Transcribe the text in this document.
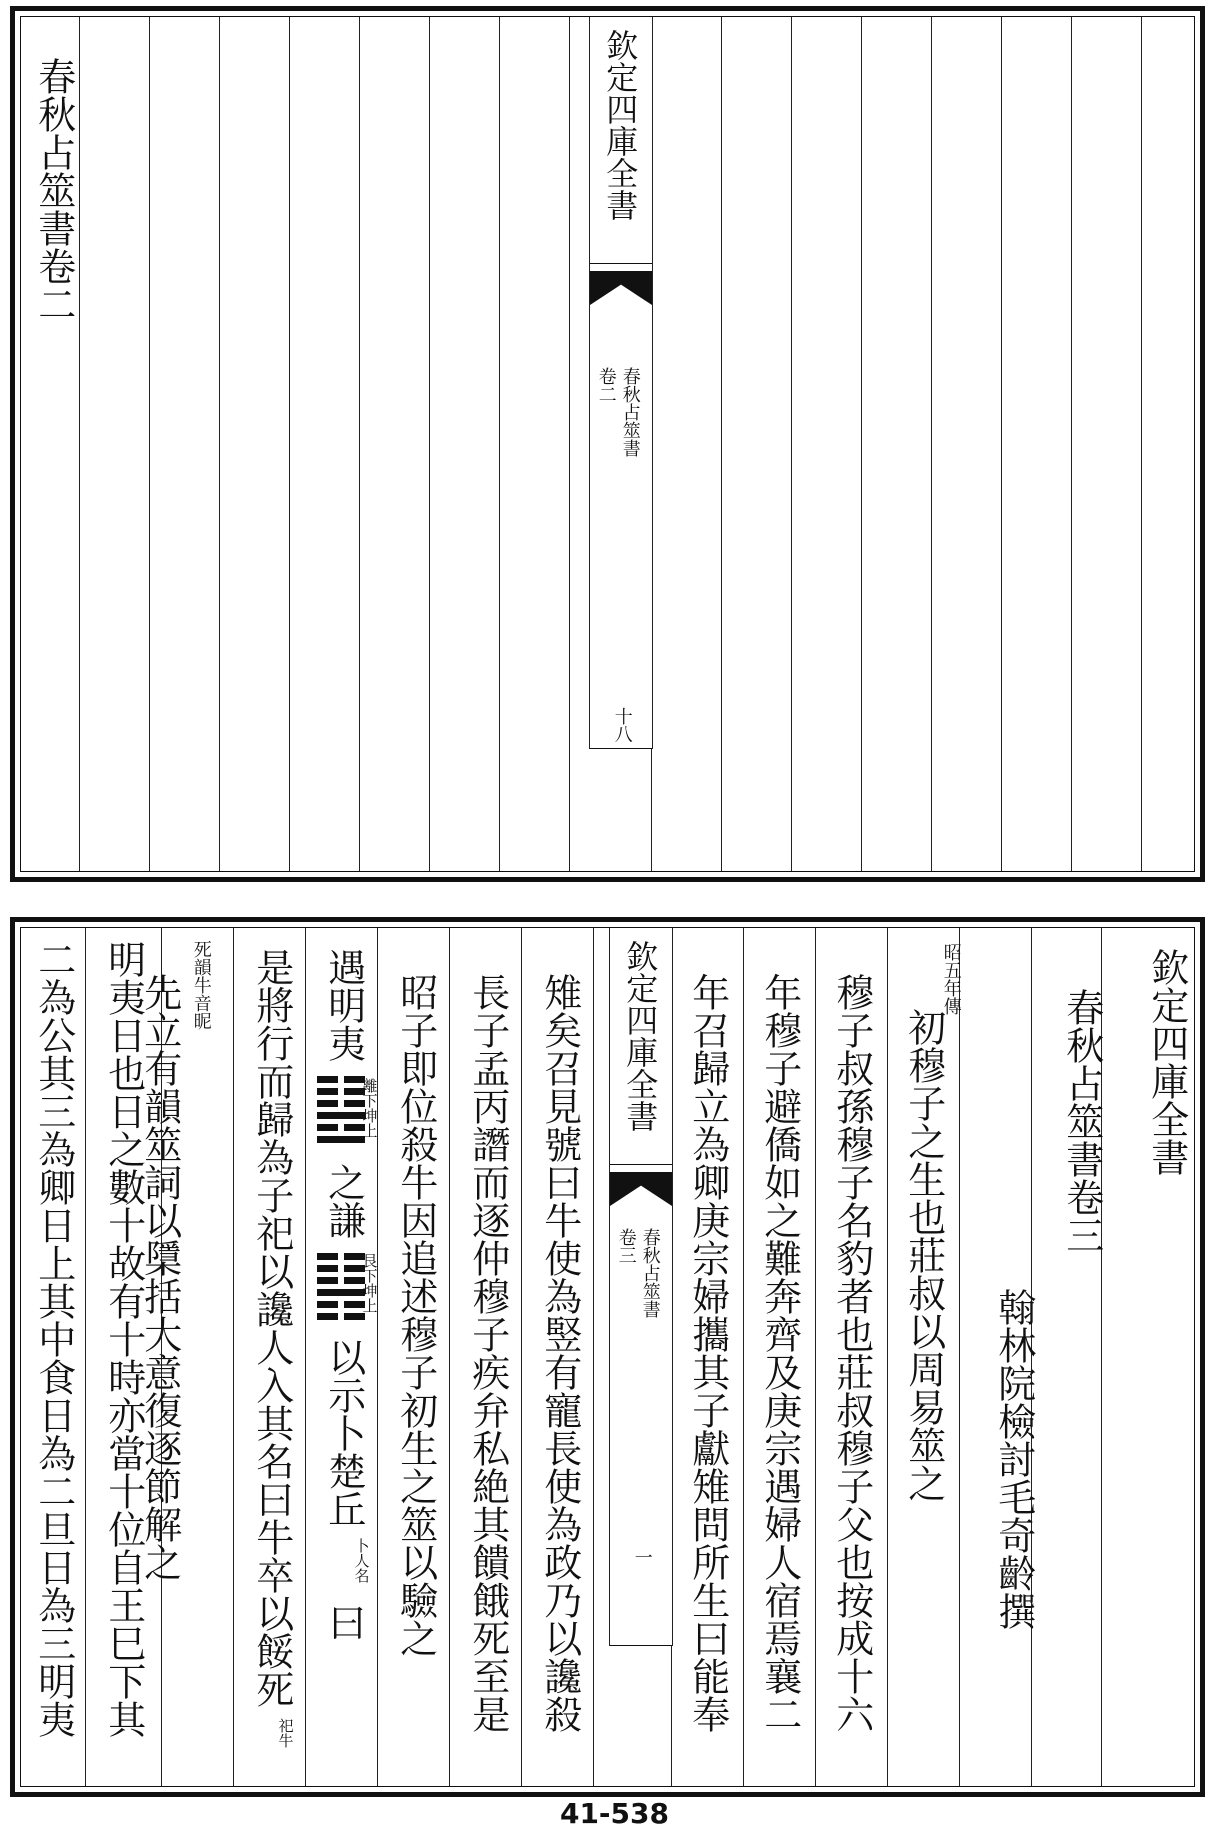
春秋占筮書卷二	欽定四庫全書
春秋占筮書
卷二
十八
欽定四庫全書
春秋占筮書卷三
翰林院檢討毛奇齡撰
昭五年傳
初穆子之生也莊叔以周易筮之
穆子叔孫穆子名豹者也莊叔穆子父也按成十六
年穆子避僑如之難奔齊及庚宗遇婦人宿焉襄二
年召歸立為卿庚宗婦攜其子獻雉問所生曰能奉
欽定四庫全書
春秋占筮書
卷三
一
雉矣召見號曰牛使為竪有寵長使為政乃以讒殺
長子孟丙譖而逐仲穆子疾弁私絶其饋餓死至是
昭子即位殺牛因追述穆子初生之筮以驗之
遇明夷
離下坤上
之謙
艮下坤上
以示卜楚丘
卜人名
曰
是將行而歸為子祀以讒人入其名曰牛卒以餒死
祀牛
死韻牛音昵
先立有韻筮詞以檃括大意復逐節解之
明夷日也日之數十故有十時亦當十位自王巳下其
二為公其三為卿日上其中食日為二旦日為三明夷
41-538
